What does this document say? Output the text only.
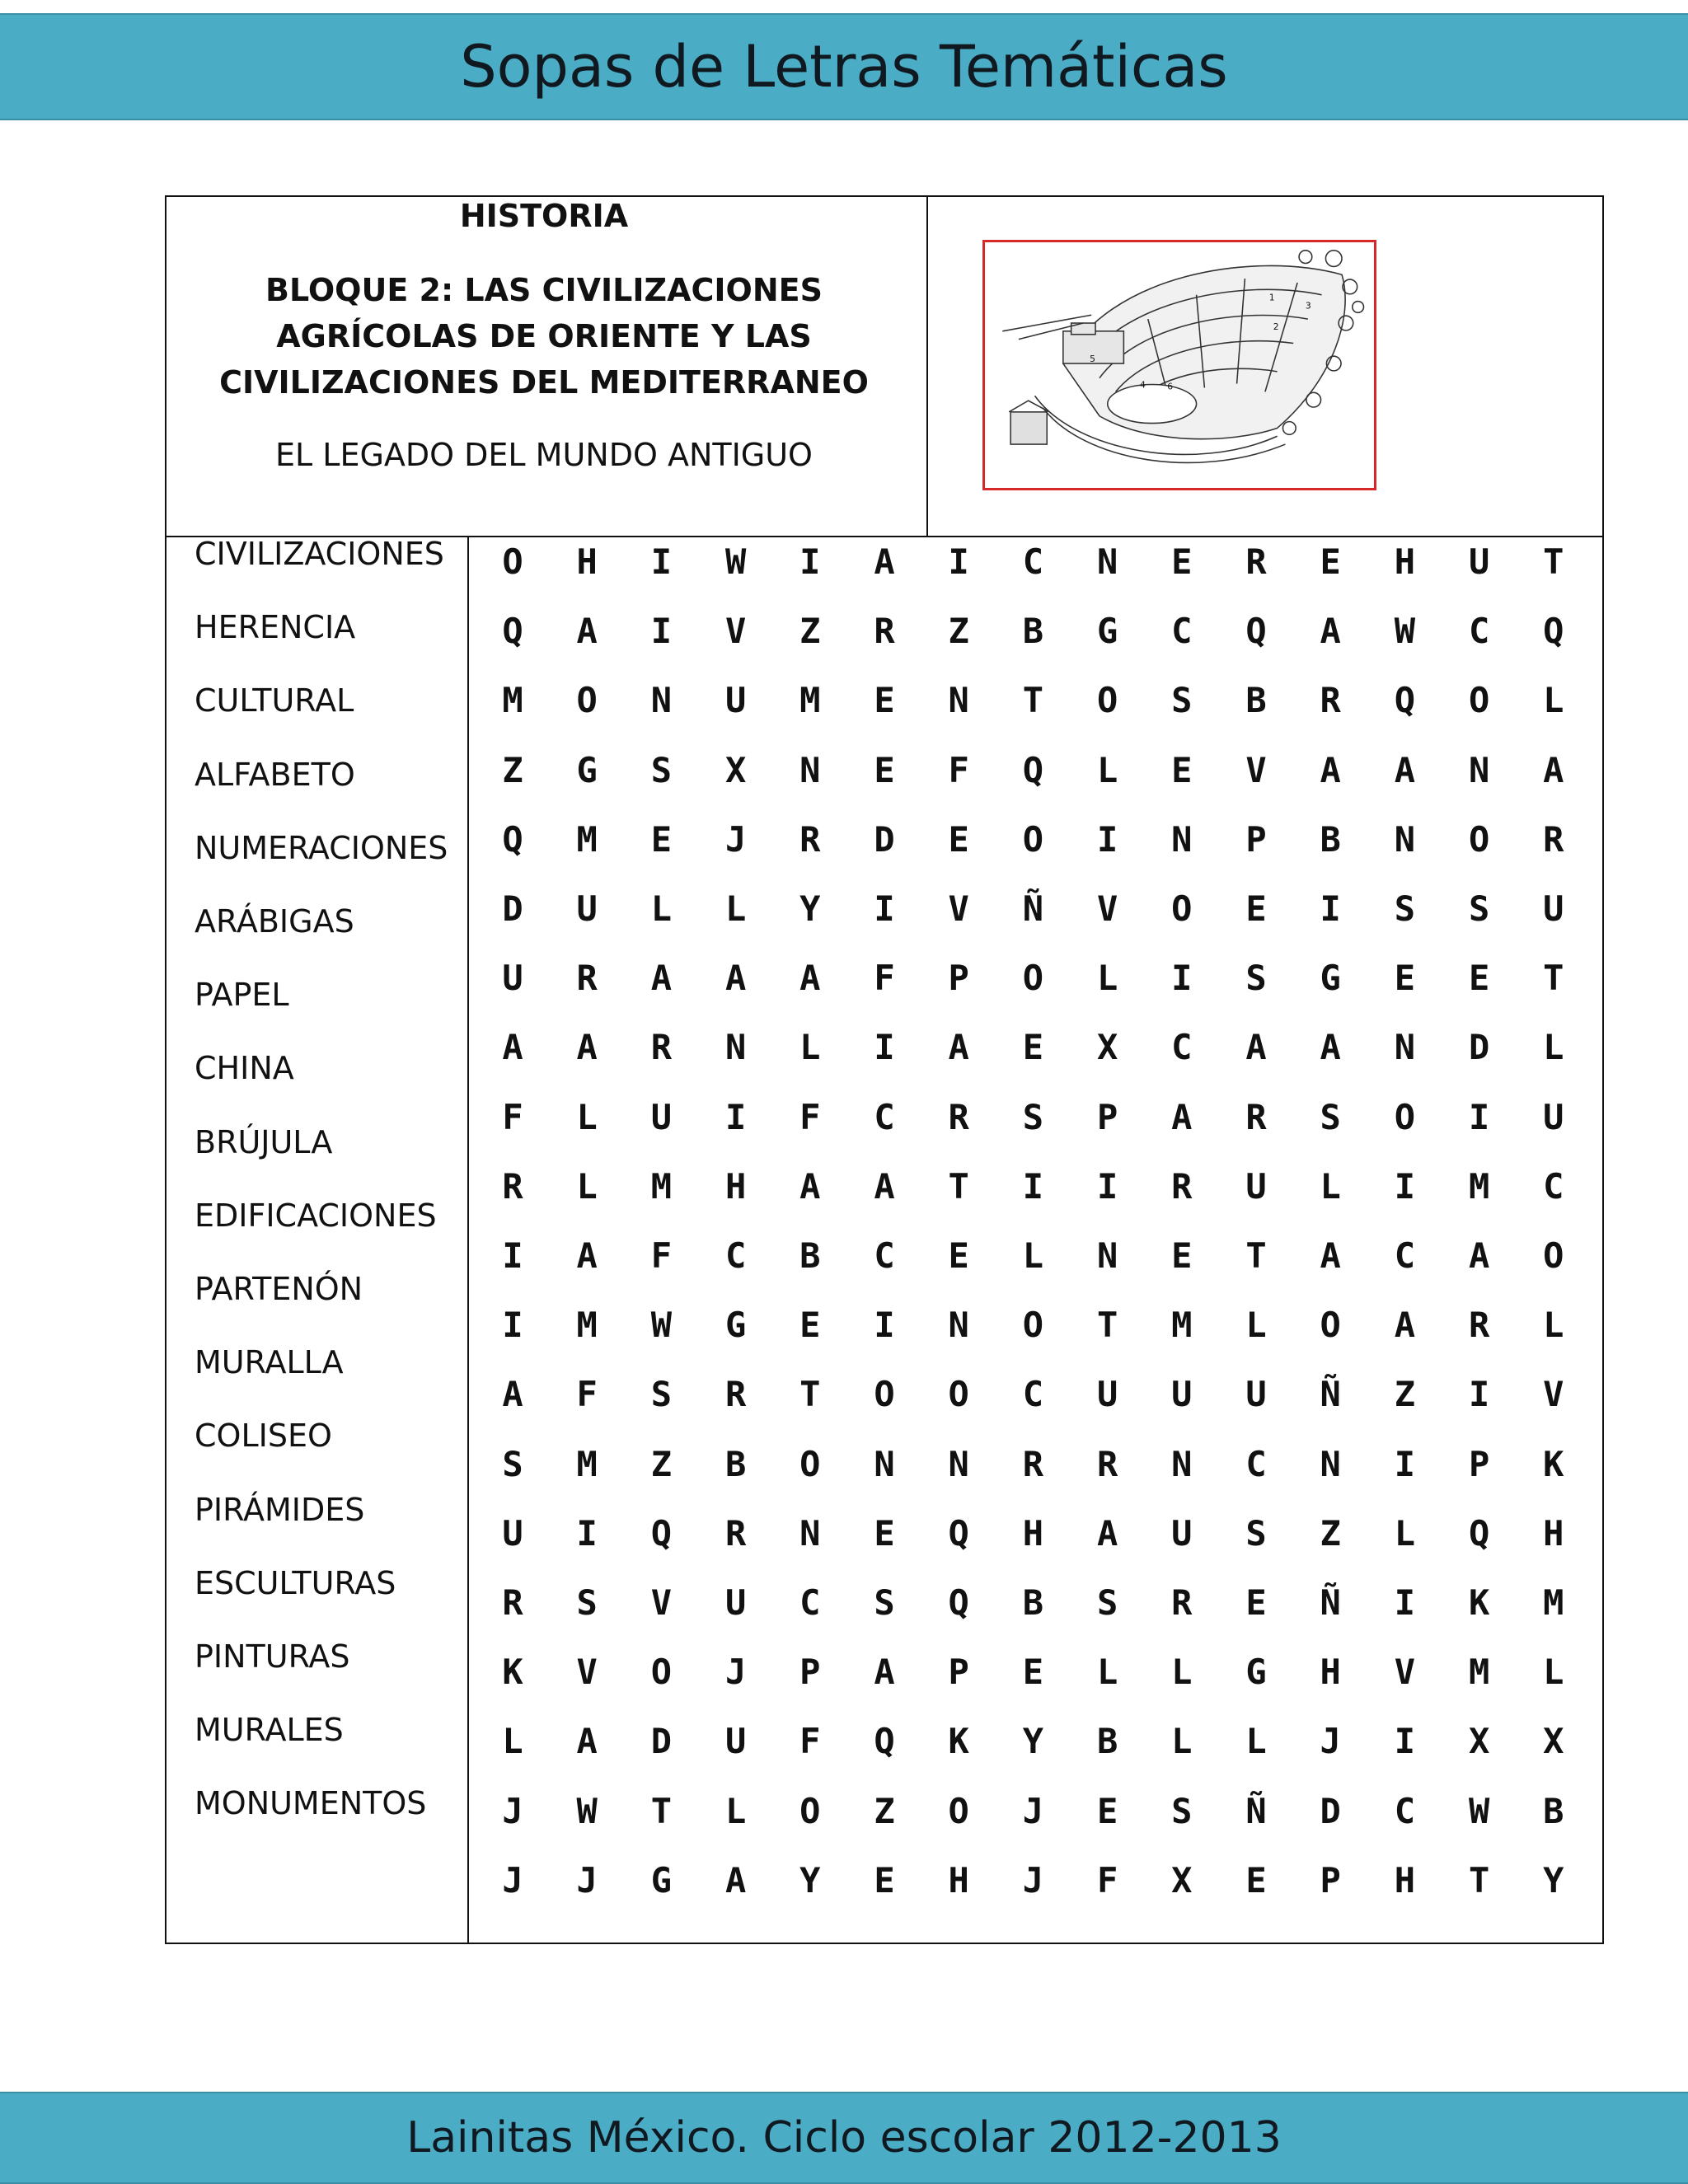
Sopas de Letras Temáticas
HISTORIA
BLOQUE 2: LAS CIVILIZACIONES
AGRÍCOLAS DE ORIENTE Y LAS
CIVILIZACIONES DEL MEDITERRANEO
EL LEGADO DEL MUNDO ANTIGUO
1
2
3
4
5
6
CIVILIZACIONES
HERENCIA
CULTURAL
ALFABETO
NUMERACIONES
ARÁBIGAS
PAPEL
CHINA
BRÚJULA
EDIFICACIONES
PARTENÓN
MURALLA
COLISEO
PIRÁMIDES
ESCULTURAS
PINTURAS
MURALES
MONUMENTOS
O	H	I	W	I	A	I	C	N	E	R	E	H	U	T
Q	A	I	V	Z	R	Z	B	G	C	Q	A	W	C	Q
M	O	N	U	M	E	N	T	O	S	B	R	Q	O	L
Z	G	S	X	N	E	F	Q	L	E	V	A	A	N	A
Q	M	E	J	R	D	E	O	I	N	P	B	N	O	R
D	U	L	L	Y	I	V	Ñ	V	O	E	I	S	S	U
U	R	A	A	A	F	P	O	L	I	S	G	E	E	T
A	A	R	N	L	I	A	E	X	C	A	A	N	D	L
F	L	U	I	F	C	R	S	P	A	R	S	O	I	U
R	L	M	H	A	A	T	I	I	R	U	L	I	M	C
I	A	F	C	B	C	E	L	N	E	T	A	C	A	O
I	M	W	G	E	I	N	O	T	M	L	O	A	R	L
A	F	S	R	T	O	O	C	U	U	U	Ñ	Z	I	V
S	M	Z	B	O	N	N	R	R	N	C	N	I	P	K
U	I	Q	R	N	E	Q	H	A	U	S	Z	L	Q	H
R	S	V	U	C	S	Q	B	S	R	E	Ñ	I	K	M
K	V	O	J	P	A	P	E	L	L	G	H	V	M	L
L	A	D	U	F	Q	K	Y	B	L	L	J	I	X	X
J	W	T	L	O	Z	O	J	E	S	Ñ	D	C	W	B
J	J	G	A	Y	E	H	J	F	X	E	P	H	T	Y
Lainitas México. Ciclo escolar 2012-2013
